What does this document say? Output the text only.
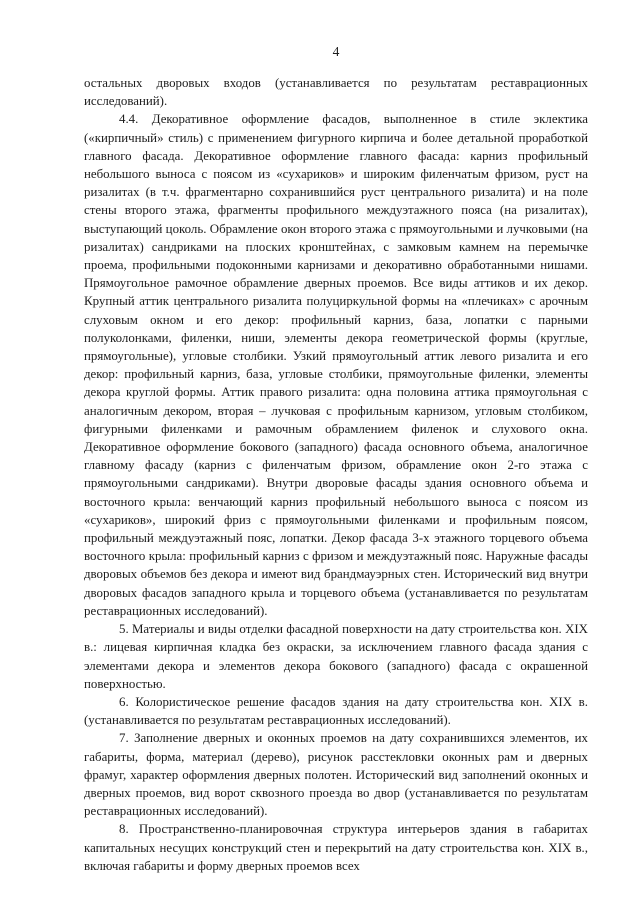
4

остальных дворовых входов (устанавливается по результатам реставрационных исследований).

4.4. Декоративное оформление фасадов, выполненное в стиле эклектика («кирпичный» стиль) с применением фигурного кирпича и более детальной проработкой главного фасада. Декоративное оформление главного фасада: карниз профильный небольшого выноса с поясом из «сухариков» и широким филенчатым фризом, руст на ризалитах (в т.ч. фрагментарно сохранившийся руст центрального ризалита) и на поле стены второго этажа, фрагменты профильного междуэтажного пояса (на ризалитах), выступающий цоколь. Обрамление окон второго этажа с прямоугольными и лучковыми (на ризалитах) сандриками на плоских кронштейнах, с замковым камнем на перемычке проема, профильными подоконными карнизами и декоративно обработанными нишами. Прямоугольное рамочное обрамление дверных проемов. Все виды аттиков и их декор. Крупный аттик центрального ризалита полуциркульной формы на «плечиках» с арочным слуховым окном и его декор: профильный карниз, база, лопатки с парными полуколонками, филенки, ниши, элементы декора геометрической формы (круглые, прямоугольные), угловые столбики. Узкий прямоугольный аттик левого ризалита и его декор: профильный карниз, база, угловые столбики, прямоугольные филенки, элементы декора круглой формы. Аттик правого ризалита: одна половина аттика прямоугольная с аналогичным декором, вторая – лучковая с профильным карнизом, угловым столбиком, фигурными филенками и рамочным обрамлением филенок и слухового окна. Декоративное оформление бокового (западного) фасада основного объема, аналогичное главному фасаду (карниз с филенчатым фризом, обрамление окон 2-го этажа с прямоугольными сандриками). Внутри дворовые фасады здания основного объема и восточного крыла: венчающий карниз профильный небольшого выноса с поясом из «сухариков», широкий фриз с прямоугольными филенками и профильным поясом, профильный междуэтажный пояс, лопатки. Декор фасада 3-х этажного торцевого объема восточного крыла: профильный карниз с фризом и междуэтажный пояс. Наружные фасады дворовых объемов без декора и имеют вид брандмауэрных стен. Исторический вид внутри дворовых фасадов западного крыла и торцевого объема (устанавливается по результатам реставрационных исследований).

5. Материалы и виды отделки фасадной поверхности на дату строительства кон. XIX в.: лицевая кирпичная кладка без окраски, за исключением главного фасада здания с элементами декора и элементов декора бокового (западного) фасада с окрашенной поверхностью.

6. Колористическое решение фасадов здания на дату строительства кон. XIX в. (устанавливается по результатам реставрационных исследований).

7. Заполнение дверных и оконных проемов на дату сохранившихся элементов, их габариты, форма, материал (дерево), рисунок расстекловки оконных рам и дверных фрамуг, характер оформления дверных полотен. Исторический вид заполнений оконных и дверных проемов, вид ворот сквозного проезда во двор (устанавливается по результатам реставрационных исследований).

8. Пространственно-планировочная структура интерьеров здания в габаритах капитальных несущих конструкций стен и перекрытий на дату строительства кон. XIX в., включая габариты и форму дверных проемов всех
